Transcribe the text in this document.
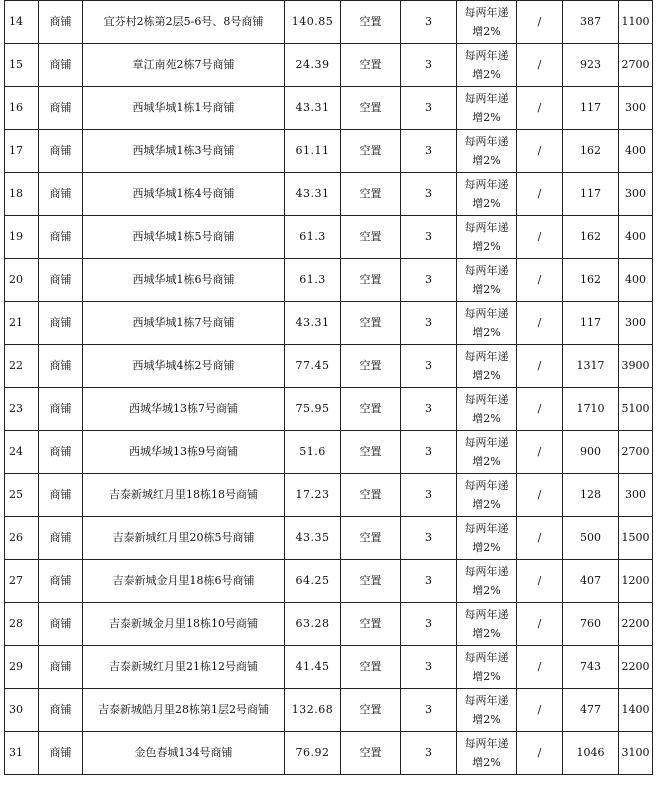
14	商铺	宜芬村2栋第2层5-6号、8号商铺	140.85	空置	3	每两年递增2%	/	387	1100
15	商铺	章江南苑2栋7号商铺	24.39	空置	3	每两年递增2%	/	923	2700
16	商铺	西城华城1栋1号商铺	43.31	空置	3	每两年递增2%	/	117	300
17	商铺	西城华城1栋3号商铺	61.11	空置	3	每两年递增2%	/	162	400
18	商铺	西城华城1栋4号商铺	43.31	空置	3	每两年递增2%	/	117	300
19	商铺	西城华城1栋5号商铺	61.3	空置	3	每两年递增2%	/	162	400
20	商铺	西城华城1栋6号商铺	61.3	空置	3	每两年递增2%	/	162	400
21	商铺	西城华城1栋7号商铺	43.31	空置	3	每两年递增2%	/	117	300
22	商铺	西城华城4栋2号商铺	77.45	空置	3	每两年递增2%	/	1317	3900
23	商铺	西城华城13栋7号商铺	75.95	空置	3	每两年递增2%	/	1710	5100
24	商铺	西城华城13栋9号商铺	51.6	空置	3	每两年递增2%	/	900	2700
25	商铺	吉泰新城红月里18栋18号商铺	17.23	空置	3	每两年递增2%	/	128	300
26	商铺	吉泰新城红月里20栋5号商铺	43.35	空置	3	每两年递增2%	/	500	1500
27	商铺	吉泰新城金月里18栋6号商铺	64.25	空置	3	每两年递增2%	/	407	1200
28	商铺	吉泰新城金月里18栋10号商铺	63.28	空置	3	每两年递增2%	/	760	2200
29	商铺	吉泰新城红月里21栋12号商铺	41.45	空置	3	每两年递增2%	/	743	2200
30	商铺	吉泰新城皓月里28栋第1层2号商铺	132.68	空置	3	每两年递增2%	/	477	1400
31	商铺	金色春城134号商铺	76.92	空置	3	每两年递增2%	/	1046	3100
